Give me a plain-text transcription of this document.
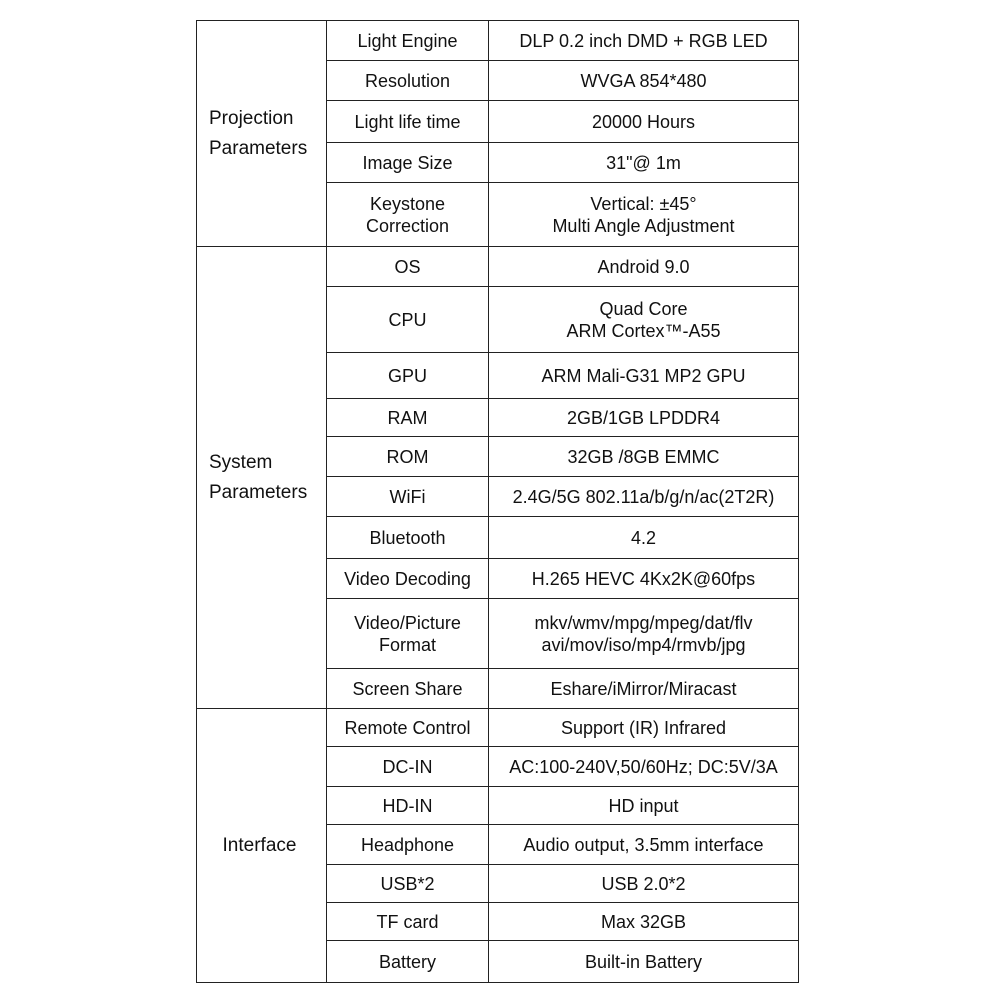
Projection
Parameters	Light Engine	DLP 0.2 inch DMD + RGB LED

	Resolution	WVGA 854*480

	Light life time	20000 Hours

	Image Size	31"@ 1m

	Keystone
Correction	Vertical: ±45°
Multi Angle Adjustment

System
Parameters	OS	Android 9.0

	CPU	Quad Core
ARM Cortex™-A55

	GPU	ARM Mali-G31 MP2 GPU

	RAM	2GB/1GB LPDDR4

	ROM	32GB /8GB EMMC

	WiFi	2.4G/5G 802.11a/b/g/n/ac(2T2R)

	Bluetooth	4.2

	Video Decoding	H.265 HEVC 4Kx2K@60fps

	Video/Picture
Format	mkv/wmv/mpg/mpeg/dat/flv
avi/mov/iso/mp4/rmvb/jpg

	Screen Share	Eshare/iMirror/Miracast

Interface	Remote Control	Support (IR) Infrared

	DC-IN	AC:100-240V,50/60Hz; DC:5V/3A

	HD-IN	HD input

	Headphone	Audio output, 3.5mm interface

	USB*2	USB 2.0*2

	TF card	Max 32GB

	Battery	Built-in Battery
